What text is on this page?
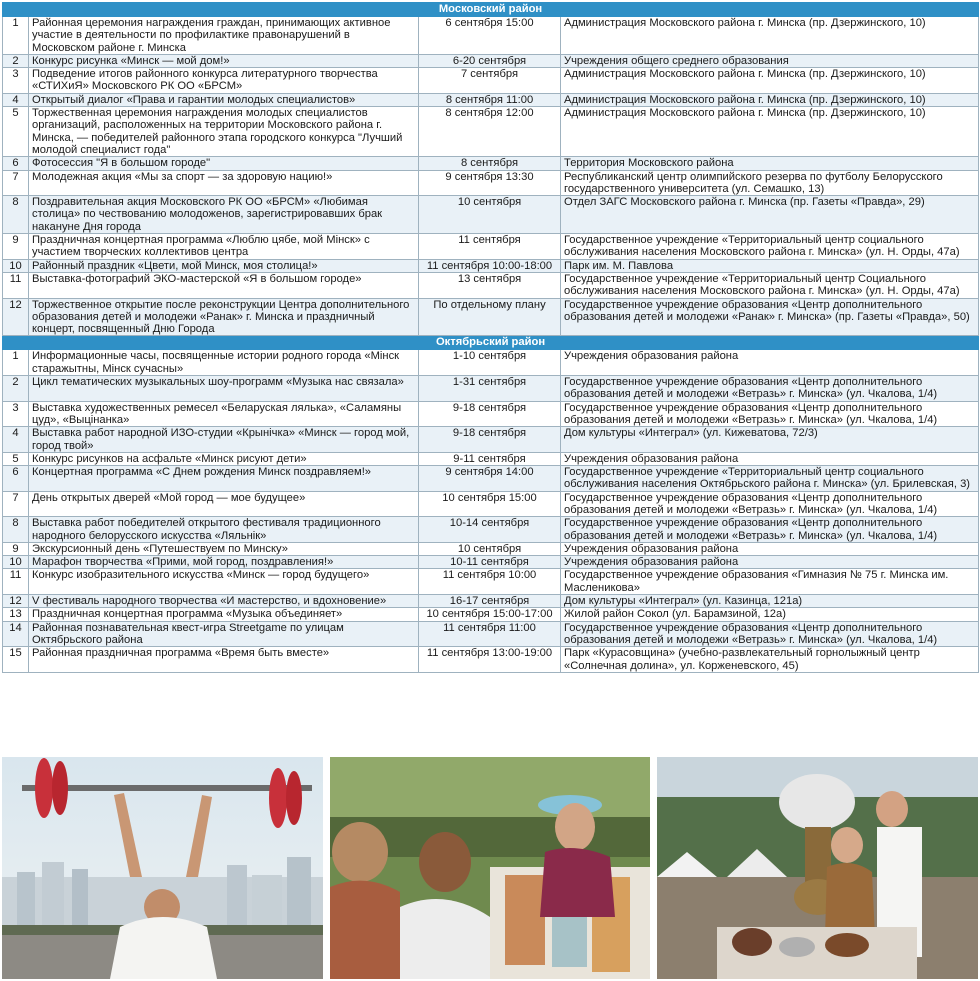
Московский район			
1	Районная церемония награждения граждан, принимающих активное участие в деятельности по профилактике правонарушений в Московском районе г. Минска	6 сентября 15:00	Администрация Московского района г. Минска (пр. Дзержинского, 10)
2	Конкурс рисунка «Минск — мой дом!»	6-20 сентября	Учреждения общего среднего образования
3	Подведение итогов районного конкурса литературного творчества «СТИХиЯ» Московского РК ОО «БРСМ»	7 сентября	Администрация Московского района г. Минска (пр. Дзержинского, 10)
4	Открытый диалог «Права и гарантии молодых специалистов»	8 сентября 11:00	Администрация Московского района г. Минска (пр. Дзержинского, 10)
5	Торжественная церемония награждения молодых специалистов организаций, расположенных на территории Московского района г. Минска, — победителей районного этапа городского конкурса "Лучший молодой специалист года"	8 сентября 12:00	Администрация Московского района г. Минска (пр. Дзержинского, 10)
6	Фотосессия "Я в большом городе"	8 сентября	Территория Московского района
7	Молодежная акция «Мы за спорт — за здоровую нацию!»	9 сентября 13:30	Республиканский центр олимпийского резерва по футболу Белорусского государственного университета (ул. Семашко, 13)
8	Поздравительная акция Московского РК ОО «БРСМ» «Любимая столица» по чествованию молодоженов, зарегистрировавших брак накануне Дня города	10 сентября	Отдел ЗАГС Московского района г. Минска (пр. Газеты «Правда», 29)
9	Праздничная концертная программа «Люблю цябе, мой Мінск» с участием творческих коллективов центра	11 сентября	Государственное учреждение «Территориальный центр социального обслуживания населения Московского района г. Минска» (ул. Н. Орды, 47а)
10	Районный праздник «Цвети, мой Минск, моя столица!»	11 сентября 10:00-18:00	Парк им. М. Павлова
11	Выставка-фотографий ЭКО-мастерской «Я в большом городе»	13 сентября	Государственное учреждение «Территориальный центр Социального обслуживания населения Московского района г. Минска» (ул. Н. Орды, 47а)
12	Торжественное открытие после реконструкции Центра дополнительного образования детей и молодежи «Ранак» г. Минска и праздничный концерт, посвященный Дню Города	По отдельному плану	Государственное учреждение образования «Центр дополнительного образования детей и молодежи «Ранак» г. Минска» (пр. Газеты «Правда», 50)
Октябрьский район			
1	Информационные часы, посвященные истории родного города «Мінск старажытны, Мінск сучасны»	1-10 сентября	Учреждения образования района
2	Цикл тематических музыкальных шоу-программ «Музыка нас связала»	1-31 сентября	Государственное учреждение образования «Центр дополнительного образования детей и молодежи «Ветразь» г. Минска» (ул. Чкалова, 1/4)
3	Выставка художественных ремесел «Беларуская лялька», «Саламяны цуд», «Выцінанка»	9-18 сентября	Государственное учреждение образования «Центр дополнительного образования детей и молодежи «Ветразь» г. Минска» (ул. Чкалова, 1/4)
4	Выставка работ народной ИЗО-студии «Крынічка» «Минск — город мой, город твой»	9-18 сентября	Дом культуры «Интеграл» (ул. Кижеватова, 72/3)
5	Конкурс рисунков на асфальте «Минск рисуют дети»	9-11 сентября	Учреждения образования района
6	Концертная программа «С Днем рождения Минск поздравляем!»	9 сентября 14:00	Государственное учреждение «Территориальный центр социального обслуживания населения Октябрьского района г. Минска» (ул. Брилевская, 3)
7	День открытых дверей «Мой город — мое будущее»	10 сентября 15:00	Государственное учреждение образования «Центр дополнительного образования детей и молодежи «Ветразь» г. Минска» (ул. Чкалова, 1/4)
8	Выставка работ победителей открытого фестиваля традиционного народного белорусского искусства «Ляльнік»	10-14 сентября	Государственное учреждение образования «Центр дополнительного образования детей и молодежи «Ветразь» г. Минска» (ул. Чкалова, 1/4)
9	Экскурсионный день «Путешествуем по Минску»	10 сентября	Учреждения образования района
10	Марафон творчества «Прими, мой город, поздравления!»	10-11 сентября	Учреждения образования района
11	Конкурс изобразительного искусства «Минск — город будущего»	11 сентября 10:00	Государственное учреждение образования «Гимназия № 75 г. Минска им. Масленикова»
12	V фестиваль народного творчества «И мастерство, и вдохновение»	16-17 сентября	Дом культуры «Интеграл» (ул. Казинца, 121а)
13	Праздничная концертная программа «Музыка объединяет»	10 сентября 15:00-17:00	Жилой район Сокол (ул. Барамзиной, 12а)
14	Районная познавательная квест-игра Streetgame по улицам Октябрьского района	11 сентября 11:00	Государственное учреждение образования «Центр дополнительного образования детей и молодежи «Ветразь» г. Минска» (ул. Чкалова, 1/4)
15	Районная праздничная программа «Время быть вместе»	11 сентября 13:00-19:00	Парк «Курасовщина» (учебно-развлекательный горнолыжный центр «Солнечная долина», ул. Корженевского, 45)
